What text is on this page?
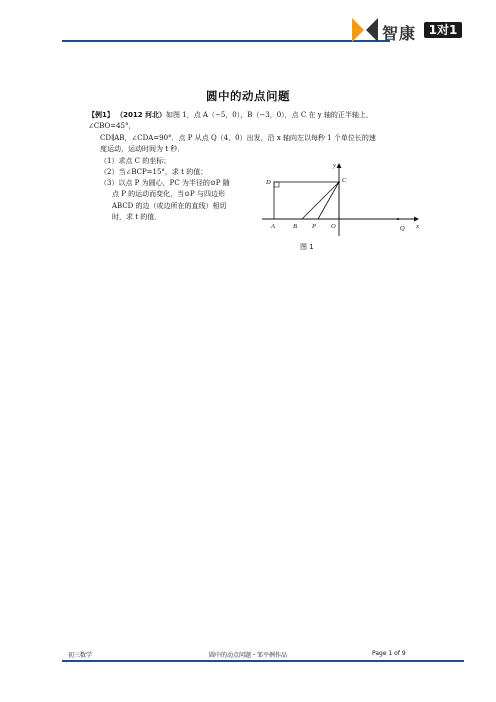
智康	1对1
圆中的动点问题
【例1】 （2012 河北）如图 1，点 A（−5，0），B（−3，0），点 C 在 y 轴的正半轴上，∠CBO=45°，
CD∥AB，∠CDA=90°．点 P 从点 Q（4，0）出发，沿 x 轴向左以每秒 1 个单位长的速
度运动，运动时间为 t 秒．
（1）求点 C 的坐标；
（2）当∠BCP=15°，求 t 的值；
（3）以点 P 为圆心，PC 为半径的⊙P 随
点 P 的运动而变化，当⊙P 与四边形
ABCD 的边（或边所在的直线）相切
时，求 t 的值．
y
x
D	C
A	B P O	Q
图 1
初三数学	圆中的动点问题・邹平例作品	Page 1 of 9
